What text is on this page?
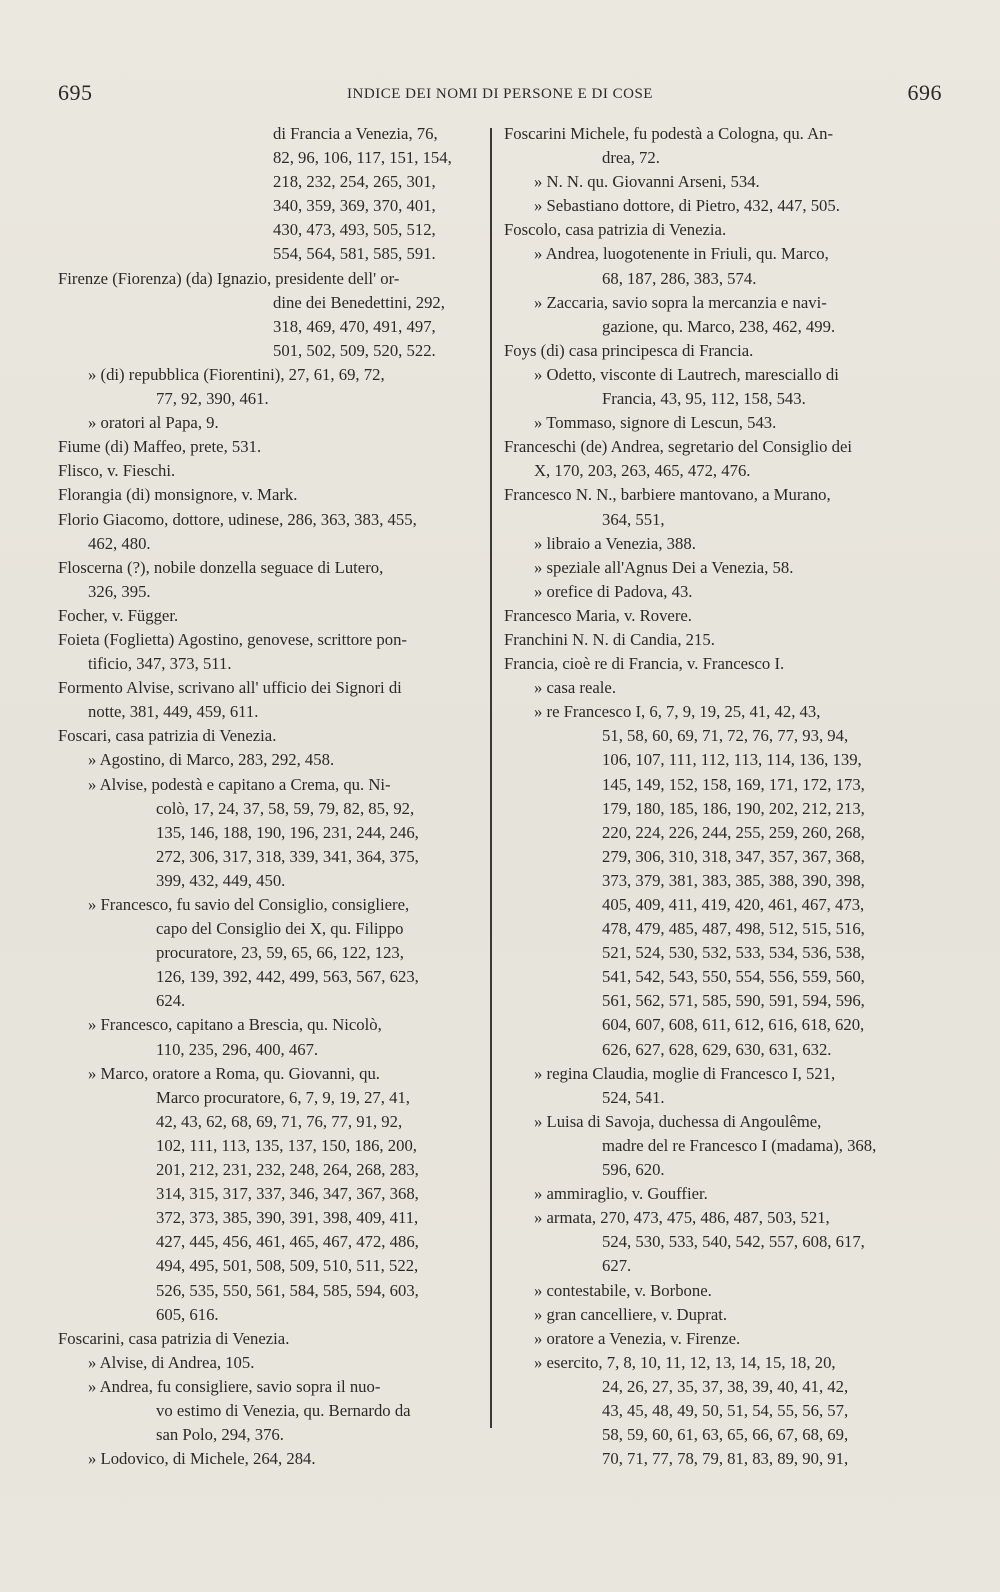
695	INDICE DEI NOMI DI PERSONE E DI COSE	696
di Francia a Venezia, 76,
82, 96, 106, 117, 151, 154,
218, 232, 254, 265, 301,
340, 359, 369, 370, 401,
430, 473, 493, 505, 512,
554, 564, 581, 585, 591.
Firenze (Fiorenza) (da) Ignazio, presidente dell' or-
dine dei Benedettini, 292,
318, 469, 470, 491, 497,
501, 502, 509, 520, 522.
» (di) repubblica (Fiorentini), 27, 61, 69, 72,
77, 92, 390, 461.
» oratori al Papa, 9.
Fiume (di) Maffeo, prete, 531.
Flisco, v. Fieschi.
Florangia (di) monsignore, v. Mark.
Florio Giacomo, dottore, udinese, 286, 363, 383, 455,
462, 480.
Floscerna (?), nobile donzella seguace di Lutero,
326, 395.
Focher, v. Függer.
Foieta (Foglietta) Agostino, genovese, scrittore pon-
tificio, 347, 373, 511.
Formento Alvise, scrivano all' ufficio dei Signori di
notte, 381, 449, 459, 611.
Foscari, casa patrizia di Venezia.
» Agostino, di Marco, 283, 292, 458.
» Alvise, podestà e capitano a Crema, qu. Ni-
colò, 17, 24, 37, 58, 59, 79, 82, 85, 92,
135, 146, 188, 190, 196, 231, 244, 246,
272, 306, 317, 318, 339, 341, 364, 375,
399, 432, 449, 450.
» Francesco, fu savio del Consiglio, consigliere,
capo del Consiglio dei X, qu. Filippo
procuratore, 23, 59, 65, 66, 122, 123,
126, 139, 392, 442, 499, 563, 567, 623,
624.
» Francesco, capitano a Brescia, qu. Nicolò,
110, 235, 296, 400, 467.
» Marco, oratore a Roma, qu. Giovanni, qu.
Marco procuratore, 6, 7, 9, 19, 27, 41,
42, 43, 62, 68, 69, 71, 76, 77, 91, 92,
102, 111, 113, 135, 137, 150, 186, 200,
201, 212, 231, 232, 248, 264, 268, 283,
314, 315, 317, 337, 346, 347, 367, 368,
372, 373, 385, 390, 391, 398, 409, 411,
427, 445, 456, 461, 465, 467, 472, 486,
494, 495, 501, 508, 509, 510, 511, 522,
526, 535, 550, 561, 584, 585, 594, 603,
605, 616.
Foscarini, casa patrizia di Venezia.
» Alvise, di Andrea, 105.
» Andrea, fu consigliere, savio sopra il nuo-
vo estimo di Venezia, qu. Bernardo da
san Polo, 294, 376.
» Lodovico, di Michele, 264, 284.
Foscarini Michele, fu podestà a Cologna, qu. An-
drea, 72.
» N. N. qu. Giovanni Arseni, 534.
» Sebastiano dottore, di Pietro, 432, 447, 505.
Foscolo, casa patrizia di Venezia.
» Andrea, luogotenente in Friuli, qu. Marco,
68, 187, 286, 383, 574.
» Zaccaria, savio sopra la mercanzia e navi-
gazione, qu. Marco, 238, 462, 499.
Foys (di) casa principesca di Francia.
» Odetto, visconte di Lautrech, maresciallo di
Francia, 43, 95, 112, 158, 543.
» Tommaso, signore di Lescun, 543.
Franceschi (de) Andrea, segretario del Consiglio dei
X, 170, 203, 263, 465, 472, 476.
Francesco N. N., barbiere mantovano, a Murano,
364, 551,
» libraio a Venezia, 388.
» speziale all'Agnus Dei a Venezia, 58.
» orefice di Padova, 43.
Francesco Maria, v. Rovere.
Franchini N. N. di Candia, 215.
Francia, cioè re di Francia, v. Francesco I.
» casa reale.
» re Francesco I, 6, 7, 9, 19, 25, 41, 42, 43,
51, 58, 60, 69, 71, 72, 76, 77, 93, 94,
106, 107, 111, 112, 113, 114, 136, 139,
145, 149, 152, 158, 169, 171, 172, 173,
179, 180, 185, 186, 190, 202, 212, 213,
220, 224, 226, 244, 255, 259, 260, 268,
279, 306, 310, 318, 347, 357, 367, 368,
373, 379, 381, 383, 385, 388, 390, 398,
405, 409, 411, 419, 420, 461, 467, 473,
478, 479, 485, 487, 498, 512, 515, 516,
521, 524, 530, 532, 533, 534, 536, 538,
541, 542, 543, 550, 554, 556, 559, 560,
561, 562, 571, 585, 590, 591, 594, 596,
604, 607, 608, 611, 612, 616, 618, 620,
626, 627, 628, 629, 630, 631, 632.
» regina Claudia, moglie di Francesco I, 521,
524, 541.
» Luisa di Savoja, duchessa di Angoulême,
madre del re Francesco I (madama), 368,
596, 620.
» ammiraglio, v. Gouffier.
» armata, 270, 473, 475, 486, 487, 503, 521,
524, 530, 533, 540, 542, 557, 608, 617,
627.
» contestabile, v. Borbone.
» gran cancelliere, v. Duprat.
» oratore a Venezia, v. Firenze.
» esercito, 7, 8, 10, 11, 12, 13, 14, 15, 18, 20,
24, 26, 27, 35, 37, 38, 39, 40, 41, 42,
43, 45, 48, 49, 50, 51, 54, 55, 56, 57,
58, 59, 60, 61, 63, 65, 66, 67, 68, 69,
70, 71, 77, 78, 79, 81, 83, 89, 90, 91,
